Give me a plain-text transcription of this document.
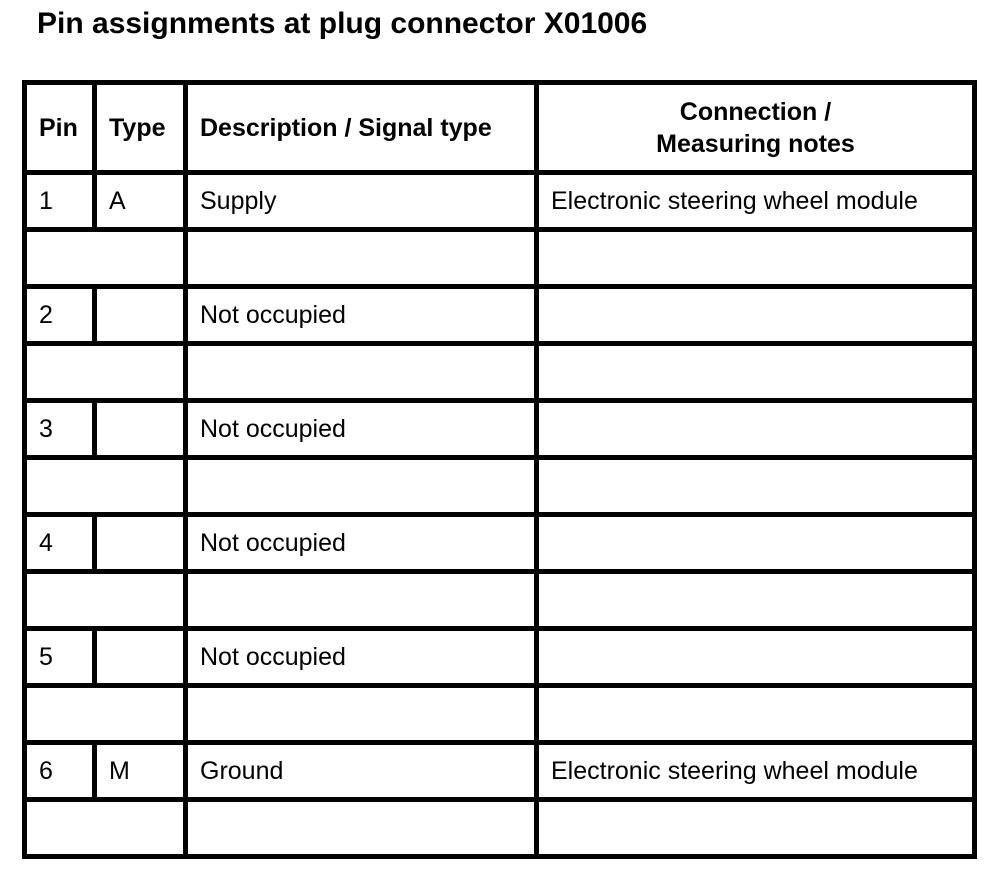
Pin assignments at plug connector X01006
Pin	Type	Description / Signal type	Connection /
Measuring notes
1	A	Supply	Electronic steering wheel module

2		Not occupied	

3		Not occupied	

4		Not occupied	

5		Not occupied	

6	M	Ground	Electronic steering wheel module
